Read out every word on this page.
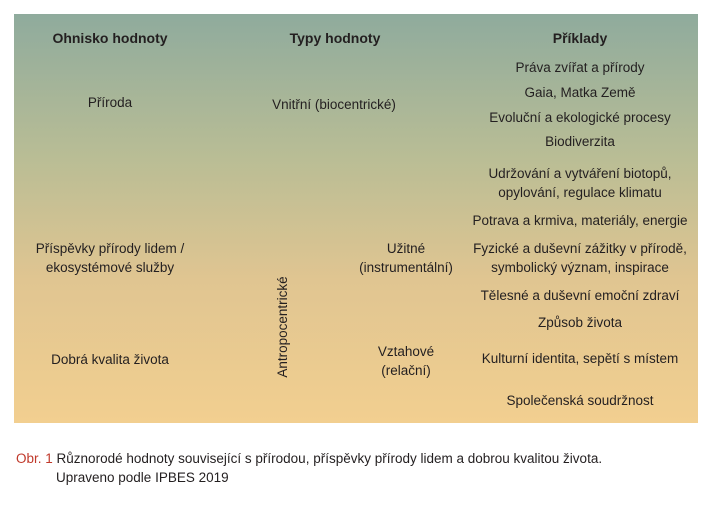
Ohnisko hodnoty	Typy hodnoty	Příklady
Příroda
Příspěvky přírody lidem /
ekosystémové služby
Dobrá kvalita života
Vnitřní (biocentrické)
Antropocentrické
Užitné
(instrumentální)
Vztahové
(relační)
Práva zvířat a přírody
Gaia, Matka Země
Evoluční a ekologické procesy
Biodiverzita
Udržování a vytváření biotopů,
opylování, regulace klimatu
Potrava a krmiva, materiály, energie
Fyzické a duševní zážitky v přírodě,
symbolický význam, inspirace
Tělesné a duševní emoční zdraví
Způsob života
Kulturní identita, sepětí s místem
Společenská soudržnost
Obr. 1 Různorodé hodnoty související s přírodou, příspěvky přírody lidem a dobrou kvalitou života.
Upraveno podle IPBES 2019
